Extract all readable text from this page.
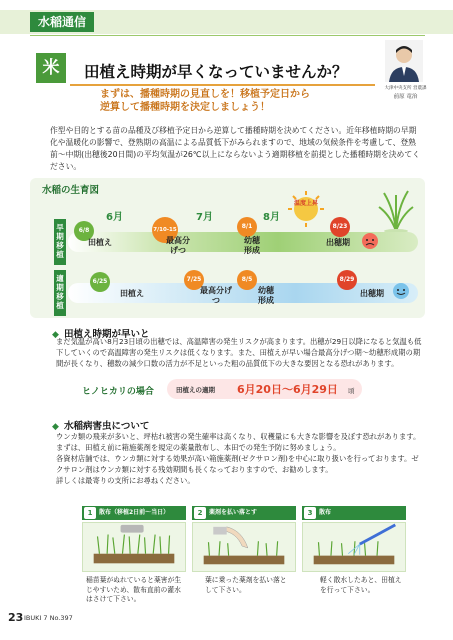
水稲通信
米	田植え時期が早くなっていませんか？
まずは、播種時期の見直しを！移植予定日から
逆算して播種時期を決定しましょう！
大津中央支所 営農課
前原 竜治
作型や目的とする苗の品種及び移植予定日から逆算して播種時期を決めてください。近年移植時期の早期化や温暖化の影響で、登熟期の高温による品質低下がみられますので、地域の気候条件を考慮して、登熟前～中期(出穂後20日間)の平均気温が26℃以上にならないよう適期移植を前提とした播種時期を決めてください。
水稲の生育図
温度上昇
早期移植
6月	7月	8月
6/8	7/10-15	8/1	8/23
田植え	最高分げつ
幼穂形成
出穂期
適期移植
6/25	7/25	8/5	8/29
田植え	最高分げつ
幼穂形成
出穂期
◆ 田植え時期が早いと
まだ気温が高い8月23日頃の出穂では、高温障害の発生リスクが高まります。出穂が29日以降になると気温も低下していくので高温障害の発生リスクは低くなります。また、田植えが早い場合最高分げつ期～幼穂形成期の期間が長くなり、穂数の減少口数の活力が不足といった粗の品質低下の大きな要因となる恐れがあります。
ヒノヒカリの場合	田植えの適期 6月20日～6月29日 頃
◆ 水稲病害虫について
ウンカ類の飛来が多いと、坪枯れ被害の発生確率は高くなり、収穫量にも大きな影響を及ぼす恐れがあります。
まずは、田植え前に箱施薬剤を規定の薬量散布し、本田での発生予防に努めましょう。
各資材店舗では、ウンカ類に対する効果が高い箱施薬剤(ゼクサロン剤)を中心に取り扱いを行っております。ゼクサロン剤はウンカ類に対する残効期間も長くなっておりますので、お勧めします。
詳しくは最寄りの支所にお尋ねください。
1 散布（移植2日前～当日）	2 薬剤を払い落とす	3 散布
稲苗葉がぬれていると薬害が生じやすいため、散布直前の灌水はさけて下さい。
葉に乗った薬剤を払い落として下さい。
軽く散水したあと、田植えを行って下さい。
23 IBUKI 7 No.397
